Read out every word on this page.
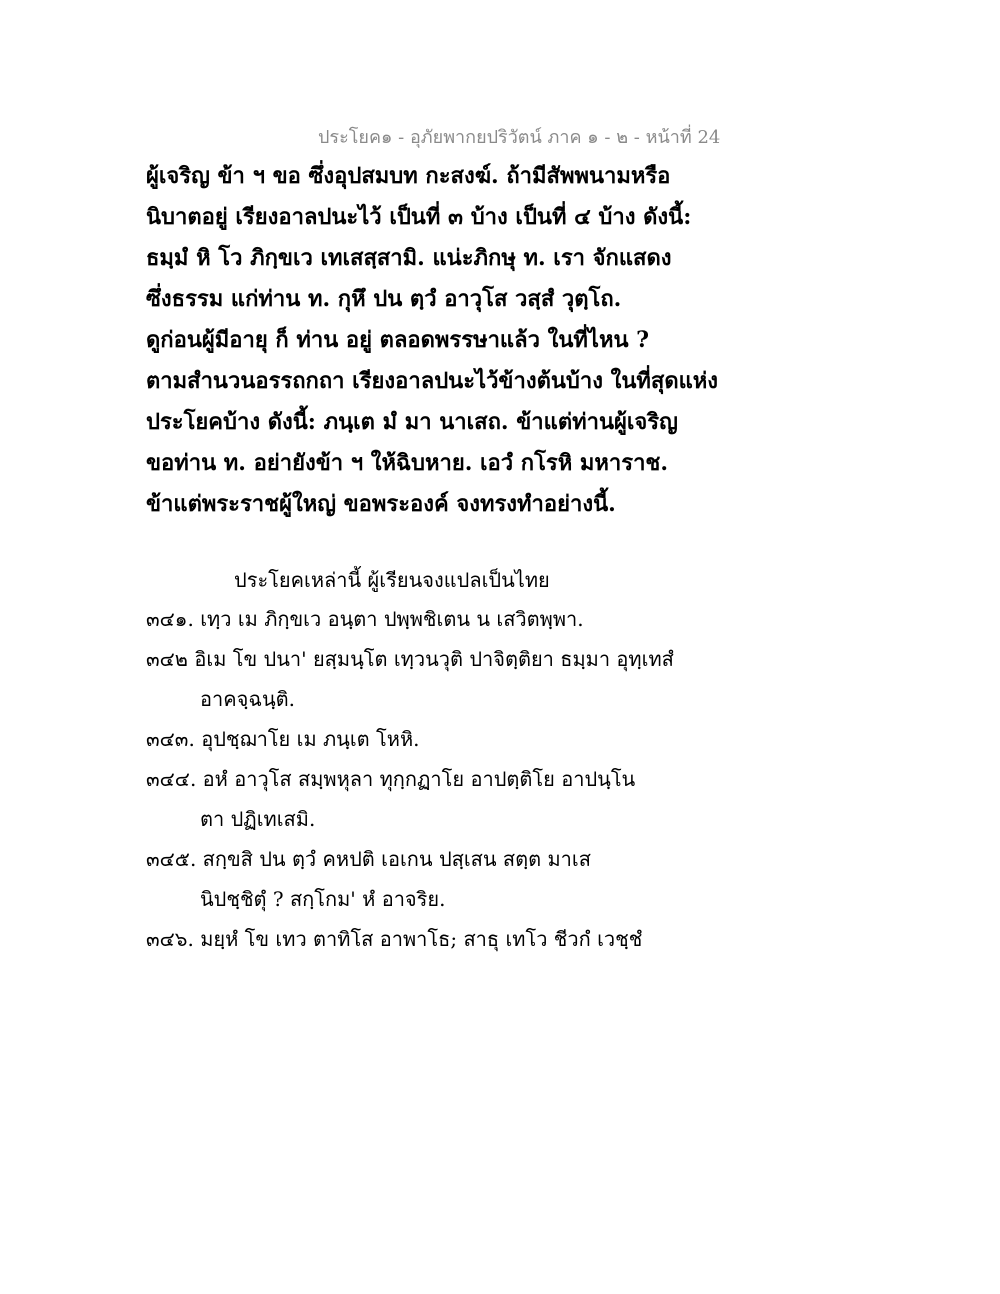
ประโยค๑ - อุภัยพากยปริวัตน์ ภาค ๑ - ๒ - หน้าที่ 24
ผู้เจริญ ข้า ฯ ขอ ซึ่งอุปสมบท กะสงฆ์. ถ้ามีสัพพนามหรือ
นิบาตอยู่ เรียงอาลปนะไว้ เป็นที่ ๓ บ้าง เป็นที่ ๔ บ้าง ดังนี้:
ธมฺมํ หิ โว ภิกฺขเว เทเสสฺสามิ. แน่ะภิกษุ ท. เรา จักแสดง
ซึ่งธรรม แก่ท่าน ท. กุหึ ปน ตฺวํ อาวุโส วสฺสํ วุตฺโถ.
ดูก่อนผู้มีอายุ ก็ ท่าน อยู่ ตลอดพรรษาแล้ว ในที่ไหน ?
ตามสำนวนอรรถกถา เรียงอาลปนะไว้ข้างต้นบ้าง ในที่สุดแห่ง
ประโยคบ้าง ดังนี้: ภนฺเต มํ มา นาเสถ. ข้าแต่ท่านผู้เจริญ
ขอท่าน ท. อย่ายังข้า ฯ ให้ฉิบหาย. เอวํ กโรหิ มหาราช.
ข้าแต่พระราชผู้ใหญ่ ขอพระองค์ จงทรงทำอย่างนี้.
ประโยคเหล่านี้ ผู้เรียนจงแปลเป็นไทย
๓๔๑. เทฺว เม ภิกฺขเว อนฺตา ปพฺพชิเตน น เสวิตพฺพา.
๓๔๒ อิเม โข ปนา' ยสฺมนฺโต เทฺวนวุติ ปาจิตฺติยา ธมฺมา อุทฺเทสํ
อาคจฺฉนฺติ.
๓๔๓. อุปชฺฌาโย เม ภนฺเต โหหิ.
๓๔๔. อหํ อาวุโส สมฺพหุลา ทุกฺกฏาโย อาปตฺติโย อาปนฺโน
ตา ปฏิเทเสมิ.
๓๔๕. สกฺขสิ ปน ตฺวํ คหปติ เอเกน ปสฺเสน สตฺต มาเส
นิปชฺชิตุํ ? สกฺโกม' หํ อาจริย.
๓๔๖. มยฺหํ โข เทว ตาทิโส อาพาโธ; สาธุ เทโว ชีวกํ เวชฺชํ
